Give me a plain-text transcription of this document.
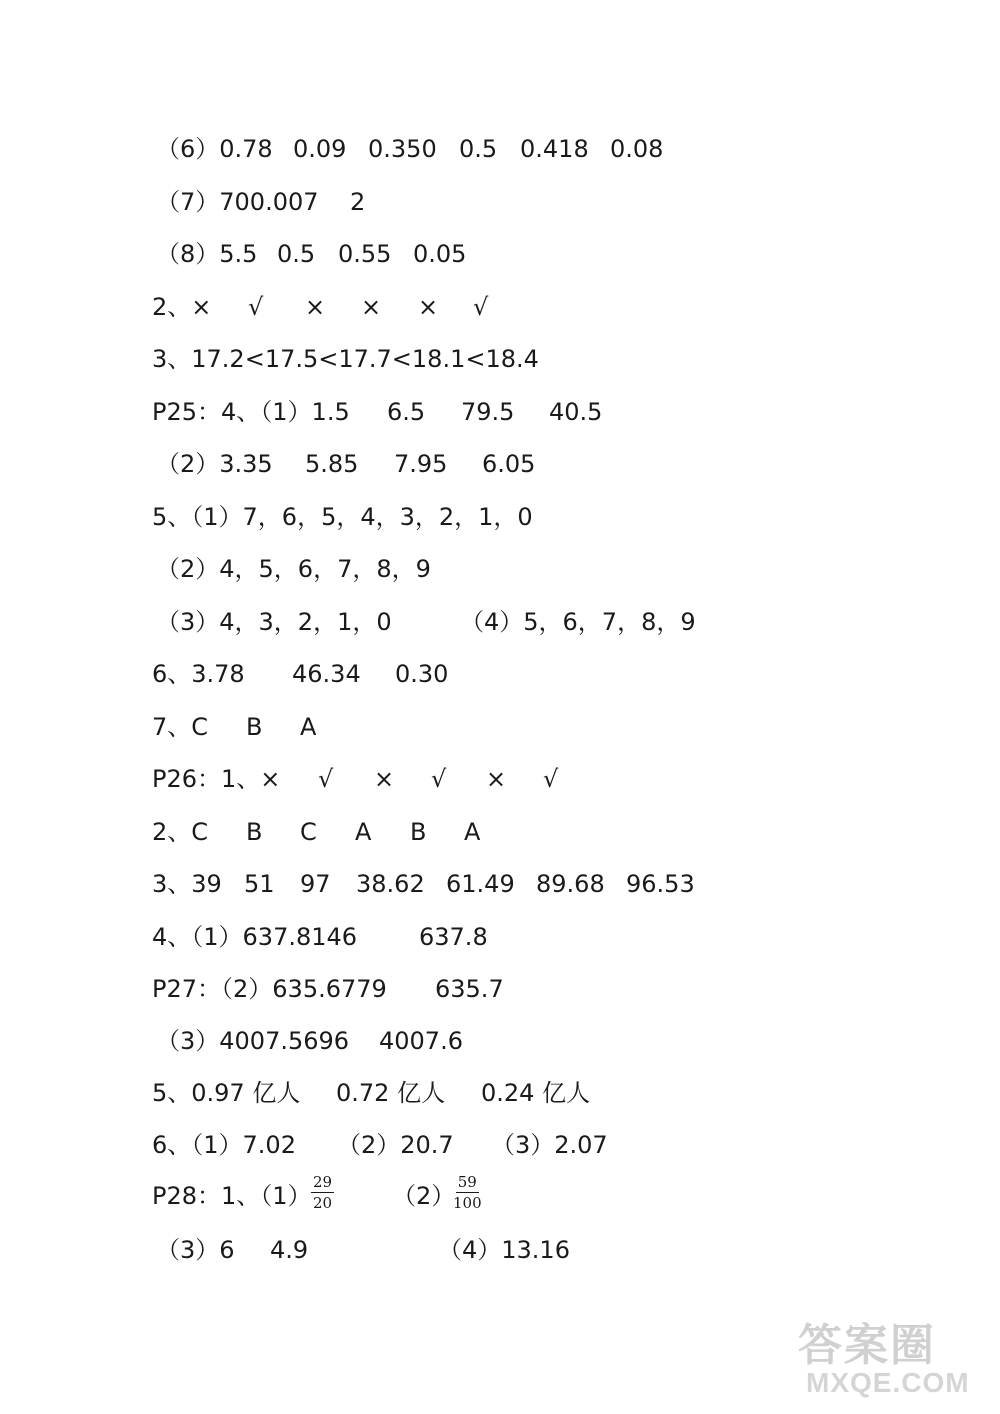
（6）0.78 0.09 0.350 0.5 0.418 0.08
（7）700.007 2
（8）5.5 0.5 0.55 0.05
2、× √ × × × √
3、17.2<17.5<17.7<18.1<18.4
P25：4、（1）1.5 6.5 79.5 40.5
（2）3.35 5.85 7.95 6.05
5、（1）7，6，5，4，3，2，1，0
（2）4，5，6，7，8，9
（3）4，3，2，1，0	（4）5，6，7，8，9
6、3.78 46.34 0.30
7、C B A
P26：1、× √ × √ × √
2、C B C A B A
3、39 51 97 38.62 61.49 89.68 96.53
4、（1）637.8146	637.8
P27：（2）635.6779 635.7
（3）4007.5696 4007.6
5、0.97 亿人 0.72 亿人 0.24 亿人
6、（1）7.02 （2）20.7 （3）2.07
P28：1、$(1) \frac{29}{20} (2)$
$\frac{59}{100}$
（3）6 4.9	（4）13.16
答案圈
MXQE.COM
